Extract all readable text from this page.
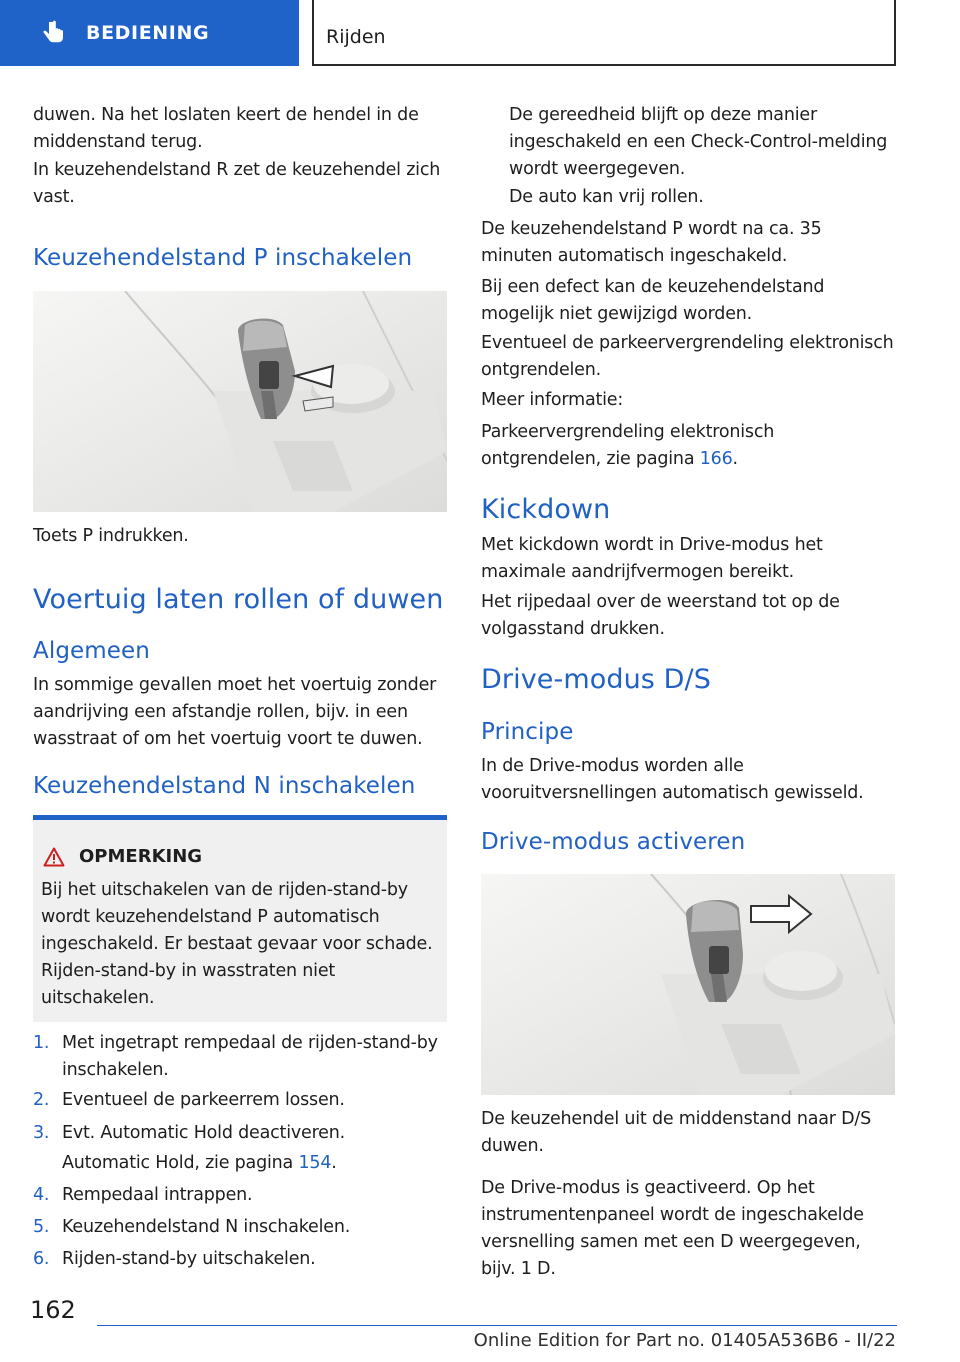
BEDIENING	Rijden

duwen. Na het loslaten keert de hendel in de middenstand terug.

In keuzehendelstand R zet de keuzehendel zich vast.

Keuzehendelstand P inschakelen

Toets P indrukken.

Voertuig laten rollen of duwen
Algemeen

In sommige gevallen moet het voertuig zonder aandrijving een afstandje rollen, bijv. in een wasstraat of om het voertuig voort te duwen.

Keuzehendelstand N inschakelen
OPMERKING

Bij het uitschakelen van de rijden-stand-by wordt keuzehendelstand P automatisch ingeschakeld. Er bestaat gevaar voor schade. Rijden-stand-by in wasstraten niet uitschakelen.

1. Met ingetrapt rempedaal de rijden-stand-by inschakelen.
2. Eventueel de parkeerrem lossen.
3. Evt. Automatic Hold deactiveren.
Automatic Hold, zie pagina 154.
4. Rempedaal intrappen.
5. Keuzehendelstand N inschakelen.
6. Rijden-stand-by uitschakelen.

De gereedheid blijft op deze manier ingeschakeld en een Check-Control-melding wordt weergegeven.

De auto kan vrij rollen.

De keuzehendelstand P wordt na ca. 35 minuten automatisch ingeschakeld.

Bij een defect kan de keuzehendelstand mogelijk niet gewijzigd worden.

Eventueel de parkeervergrendeling elektronisch ontgrendelen.

Meer informatie:

Parkeervergrendeling elektronisch ontgrendelen, zie pagina 166.

Kickdown

Met kickdown wordt in Drive-modus het maximale aandrijfvermogen bereikt.

Het rijpedaal over de weerstand tot op de volgasstand drukken.

Drive-modus D/S
Principe

In de Drive-modus worden alle vooruitversnellingen automatisch gewisseld.

Drive-modus activeren

De keuzehendel uit de middenstand naar D/S duwen.

De Drive-modus is geactiveerd. Op het instrumentenpaneel wordt de ingeschakelde versnelling samen met een D weergegeven, bijv. 1 D.

162
Online Edition for Part no. 01405A536B6 - II/22
